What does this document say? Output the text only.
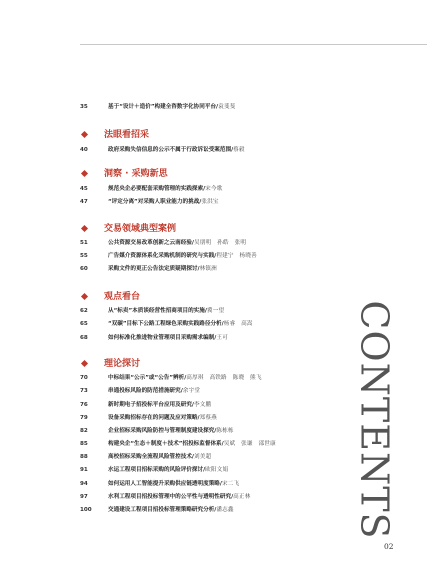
35	基于“设计＋造价”构建全咨数字化协同平台/袁斐斐
法眼看招采
40	政府采购失信信息的公示不属于行政诉讼受案范围/蔡毅
洞察 · 采购新思
45	规范央企必要配套采购管理的实践探索/宋今歌
47	“评定分离”对采购人职业能力的挑战/张洪宝
交易领域典型案例
51	公共资源交易改革创新之云南经验/吴朋明　孙皓　张明
55	广告媒介资源体系化采购机制的研究与实践/程建宁　杨晓善
60	采购文件的更正公告法定质疑期探讨/林镇洲
观点看台
62	从“标卖”本质谈经营性招商项目的实施/冀一望
65	“双碳”目标下公路工程绿色采购实践路径分析/杨睿　高嵩
68	如何标准化推进物业管理项目采购需求编制/王可
理论探讨
70	中标结果“公示”或“公告”辨析/高厚琪　高铁路　陈晓　熊飞
73	串通投标风险的防范措施研究/余宇堂
76	新时期电子招投标平台应用及研究/李文鹏
79	设备采购招标存在的问题及应对策略/郑蔡燕
82	企业招标采购风险防控与管理制度建设探究/陈栋栋
85	构建央企“生态＋制度＋技术”招投标监督体系/吴斌　张谦　邵世康
88	高校招标采购全流程风险管控技术/刘美超
91	水运工程项目招标采购的风险评价探讨/欧阳文娟
94	如何运用人工智能提升采购供应链透明度策略/宋二飞
97	水利工程项目招投标管理中的公平性与透明性研究/高正林
100	交通建设工程项目招投标管理策略研究分析/潘志鑫	CONTENTS
02
